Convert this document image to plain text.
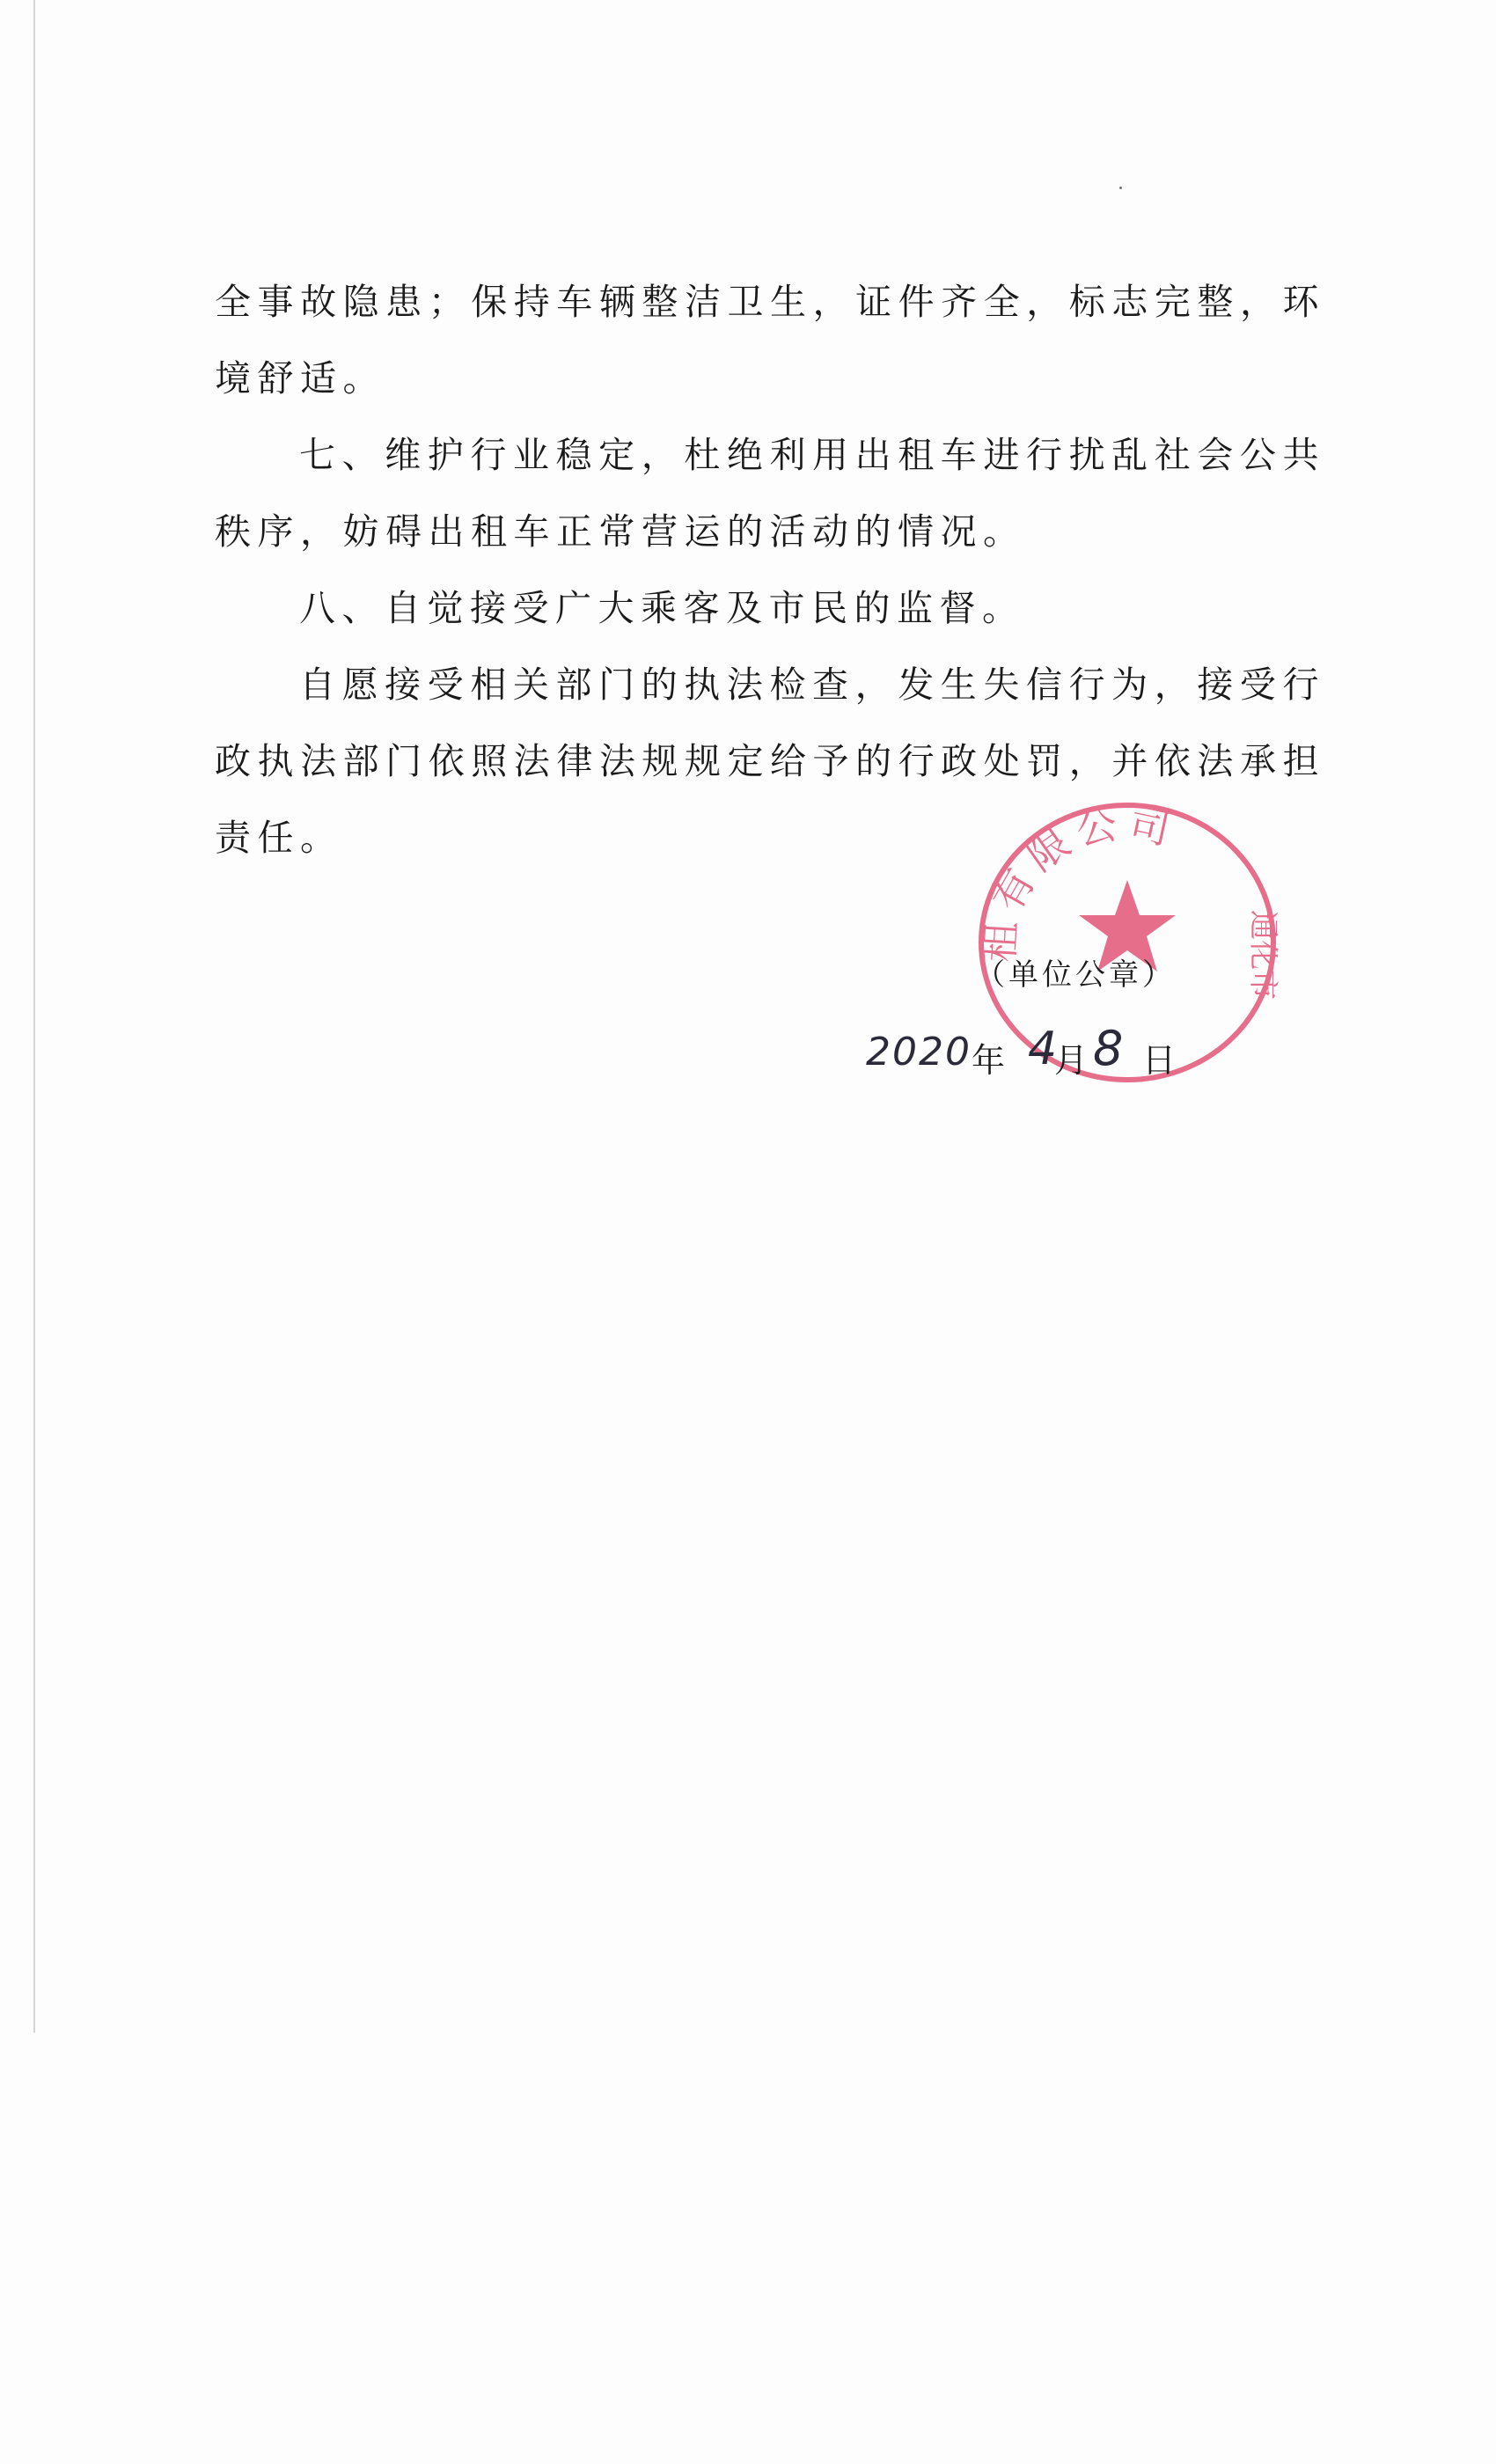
全事故隐患；保持车辆整洁卫生，证件齐全，标志完整，环境舒适。

七、维护行业稳定，杜绝利用出租车进行扰乱社会公共秩序，妨碍出租车正常营运的活动的情况。

八、自觉接受广大乘客及市民的监督。

自愿接受相关部门的执法检查，发生失信行为，接受行政执法部门依照法律法规规定给予的行政处罚，并依法承担责任。

租有限公司
通化市
（单位公章）
2020 年 4
月 8 日
